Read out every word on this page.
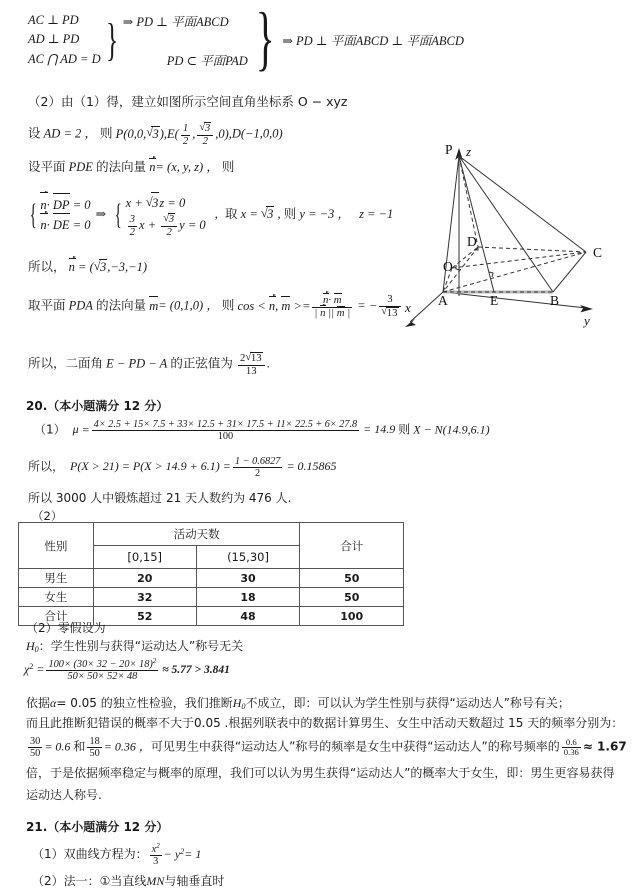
AC ⊥ PD
AD ⊥ PD
AC ⋂ AD = D } ⇒ PD ⊥ 平面ABCD

PD ⊂ 平面PAD } ⇒ PD ⊥ 平面ABCD ⊥ 平面ABCD
（2）由（1）得，建立如图所示空间直角坐标系 O − xyz
设 AD = 2 ， 则 P(0,0, √ $3),E( \frac{1}{2}$ , √ $\frac{3}{2} ,0),D(-1,0,0)$
设平面 PDE 的法向量 n= (x, y, z) ， 则
{ n· DP = 0
n· DE = 0
⇒ { x + √ 3z = 0

$\frac{3}{2}$ x + √ $\frac{3}{2}$ y = 0
, 取 x = √ 3 , 则 y = −3 ， z = −1
所以， n = ( √ 3,−3,−1)
取平面 PDA 的法向量 m= (0,1,0) ， 则 cos < n, $m >= \frac{n\cdot m}{| n || m |}$ = − 3
√ 13
所以，二面角 E − PD − A 的正弦值为 $\frac{2 √ 13}{13}$ .
z
y
x
P
D
C
O
A	E	B
20.（本小题满分 12 分）
（1） $\mu = \frac{4\times 2.5 + 15\times 7.5 + 33\times 12.5 + 31\times 17.5 + 11\times 22.5 + 6\times 27.8}{100} = 14.9$ 则 X − N(14.9,6.1)
所以， $P(X > 21) = P(X > 14.9 + 6.1) = \frac{1 - 0.6827}{2} = 0.15865$
所以 3000 人中锻炼超过 21 天人数约为 476 人.
（2）
性别	活动天数		合计
	[0,15]	(15,30]	
男生	20	30	50
女生	32	18	50
合计	52	48	100
（2）零假设为
$H_0$：学生性别与获得“运动达人”称号无关
$\chi^2 = \frac{100\times (30\times 32 - 20\times 18)^2}{50\times 50\times 52\times 48} \approx 5.77 > 3.841$
依据α= 0.05 的独立性检验，我们推断$H_0$不成立，即：可以认为学生性别与获得“运动达人”称号有关；
而且此推断犯错误的概率不大于0.05 .根据列联表中的数据计算男生、女生中活动天数超过 15 天的频率分别为：
$\frac{30}{50} = 0.6$ 和 $\frac{18}{50} = 0.36$ ，可见男生中获得“运动达人”称号的频率是女生中获得“运动达人”的称号频率的 $\frac{0.6}{0.36} \approx 1.67$
倍，于是依据频率稳定与概率的原理，我们可以认为男生获得“运动达人”的概率大于女生，即：男生更容易获得
运动达人称号.
21.（本小题满分 12 分）
（1）双曲线方程为： $\frac{x^2}{3} - y^2= 1$
（2）法一：①当直线MN与轴垂直时
